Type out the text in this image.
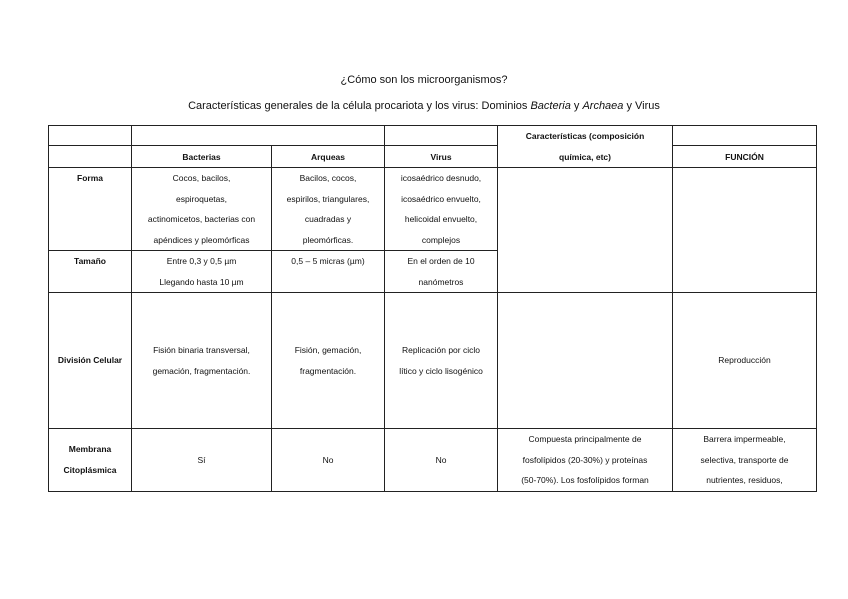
¿Cómo son los microorganismos?
Características generales de la célula procariota y los virus: Dominios Bacteria y Archaea y Virus

				Características (composición
química, etc)	

	Bacterias	Arqueas	Virus		FUNCIÓN
Forma	Cocos, bacilos,
espiroquetas,
actinomicetos, bacterias con
apéndices y pleomórficas	Bacilos, cocos,
espirilos, triangulares,
cuadradas y
pleomórficas.	icosaédrico desnudo,
icosaédrico envuelto,
helicoidal envuelto,
complejos		

Tamaño	Entre 0,3 y 0,5 µm
Llegando hasta 10 µm	0,5 – 5 micras (µm)	En el orden de 10
nanómetros		

División Celular	Fisión binaria transversal,
gemación, fragmentación.	Fisión, gemación,
fragmentación.	Replicación por ciclo
lítico y ciclo lisogénico		Reproducción

Membrana
Citoplásmica	Sí	No	No	Compuesta principalmente de
fosfolípidos (20-30%) y proteínas
(50-70%). Los fosfolípidos forman	Barrera impermeable,
selectiva, transporte de
nutrientes, residuos,
